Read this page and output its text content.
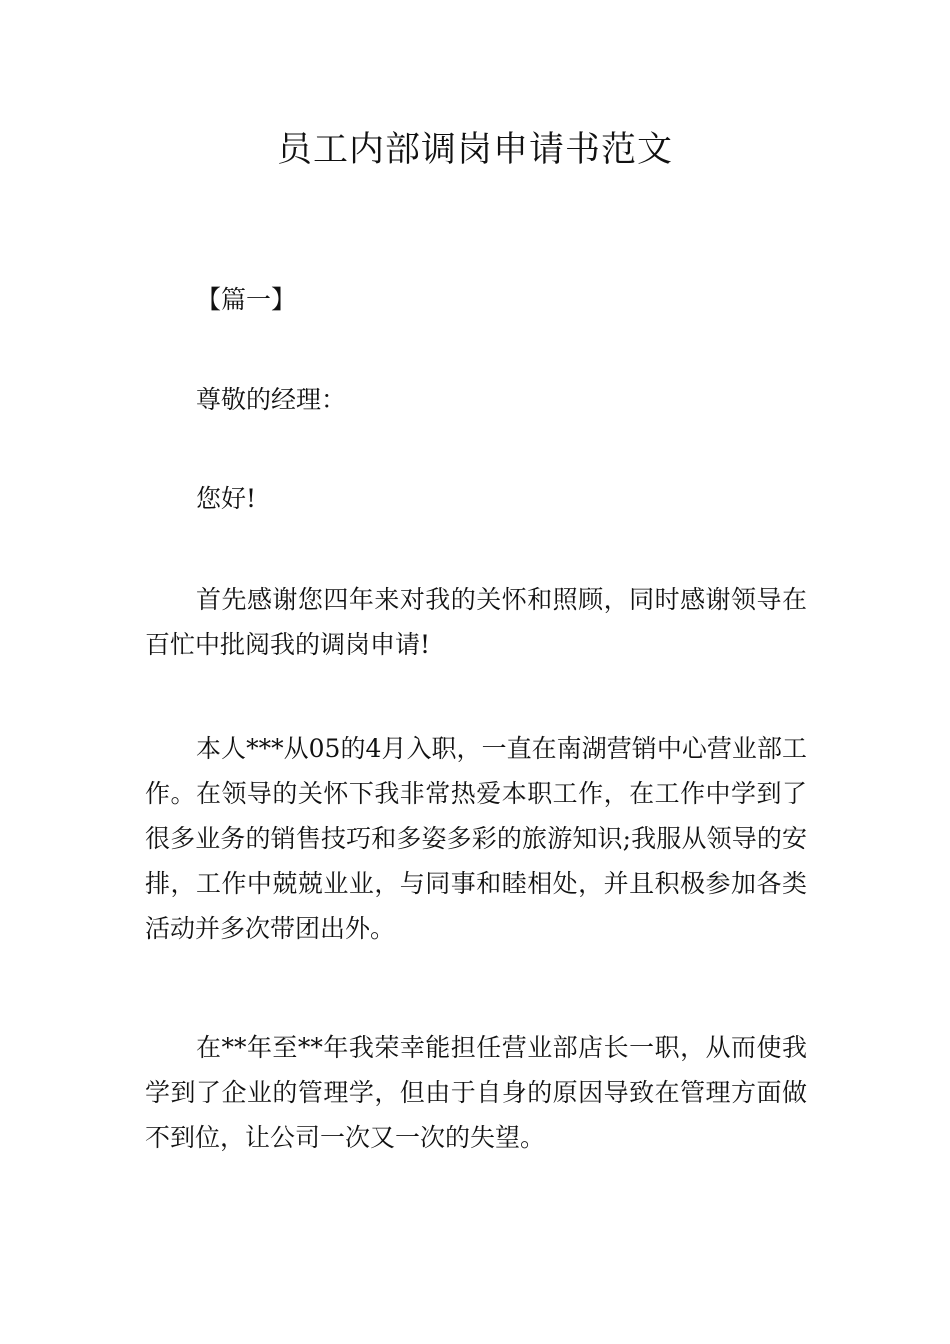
员工内部调岗申请书范文

【篇一】

尊敬的经理：

您好!

首先感谢您四年来对我的关怀和照顾，同时感谢领导在百忙中批阅我的调岗申请!

本人***从05的4月入职，一直在南湖营销中心营业部工作。在领导的关怀下我非常热爱本职工作，在工作中学到了很多业务的销售技巧和多姿多彩的旅游知识;我服从领导的安排，工作中兢兢业业，与同事和睦相处，并且积极参加各类活动并多次带团出外。

在**年至**年我荣幸能担任营业部店长一职，从而使我学到了企业的管理学，但由于自身的原因导致在管理方面做不到位，让公司一次又一次的失望。
